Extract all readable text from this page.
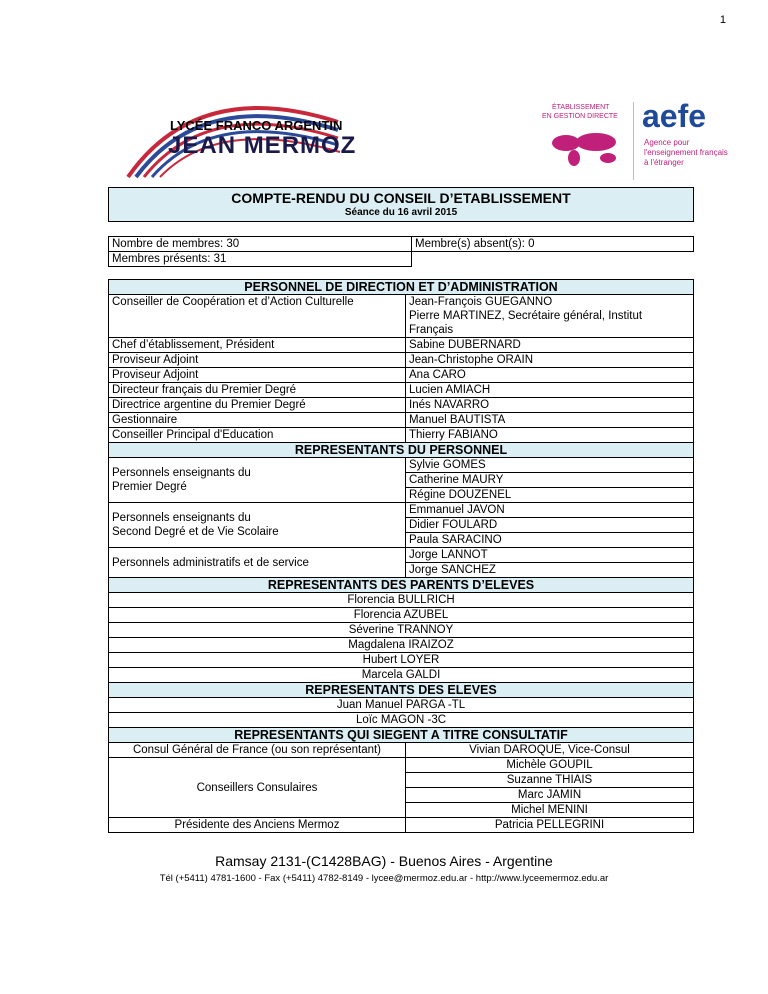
1
LYCÉE FRANCO ARGENTIN
JEAN MERMOZ
ÉTABLISSEMENT
EN GESTION DIRECTE aefe
Agence pour
l'enseignement français
à l'étranger
COMPTE-RENDU DU CONSEIL D’ETABLISSEMENT
Séance du 16 avril 2015
Nombre de membres: 30	Membre(s) absent(s): 0
Membres présents: 31	
PERSONNEL DE DIRECTION ET D’ADMINISTRATION	
Conseiller de Coopération et d’Action Culturelle	Jean-François GUEGANNO
Pierre MARTINEZ, Secrétaire général, Institut
Français

Chef d’établissement, Président	Sabine DUBERNARD
Proviseur Adjoint	Jean-Christophe ORAIN
Proviseur Adjoint	Ana CARO
Directeur français du Premier Degré	Lucien AMIACH
Directrice argentine du Premier Degré	Inés NAVARRO
Gestionnaire	Manuel BAUTISTA
Conseiller Principal d'Education	Thierry FABIANO
REPRESENTANTS DU PERSONNEL	

Personnels enseignants du
Premier Degré	Sylvie GOMES
	Catherine MAURY
	Régine DOUZENEL

Personnels enseignants du
Second Degré et de Vie Scolaire	Emmanuel JAVON
	Didier FOULARD
	Paula SARACINO
Personnels administratifs et de service	Jorge LANNOT
	Jorge SANCHEZ
REPRESENTANTS DES PARENTS D’ELEVES	
Florencia BULLRICH	
Florencia AZUBEL	
Séverine TRANNOY	
Magdalena IRAIZOZ	
Hubert LOYER	
Marcela GALDI	
REPRESENTANTS DES ELEVES	
Juan Manuel PARGA -TL	
Loïc MAGON -3C	
REPRESENTANTS QUI SIEGENT A TITRE CONSULTATIF	
Consul Général de France (ou son représentant)	Vivian DAROQUE, Vice-Consul
Conseillers Consulaires	Michèle GOUPIL
	Suzanne THIAIS
	Marc JAMIN
	Michel MENINI
Présidente des Anciens Mermoz	Patricia PELLEGRINI
Ramsay 2131-(C1428BAG) - Buenos Aires - Argentine
Tél (+5411) 4781-1600 - Fax (+5411) 4782-8149 - lycee@mermoz.edu.ar - http://www.lyceemermoz.edu.ar
